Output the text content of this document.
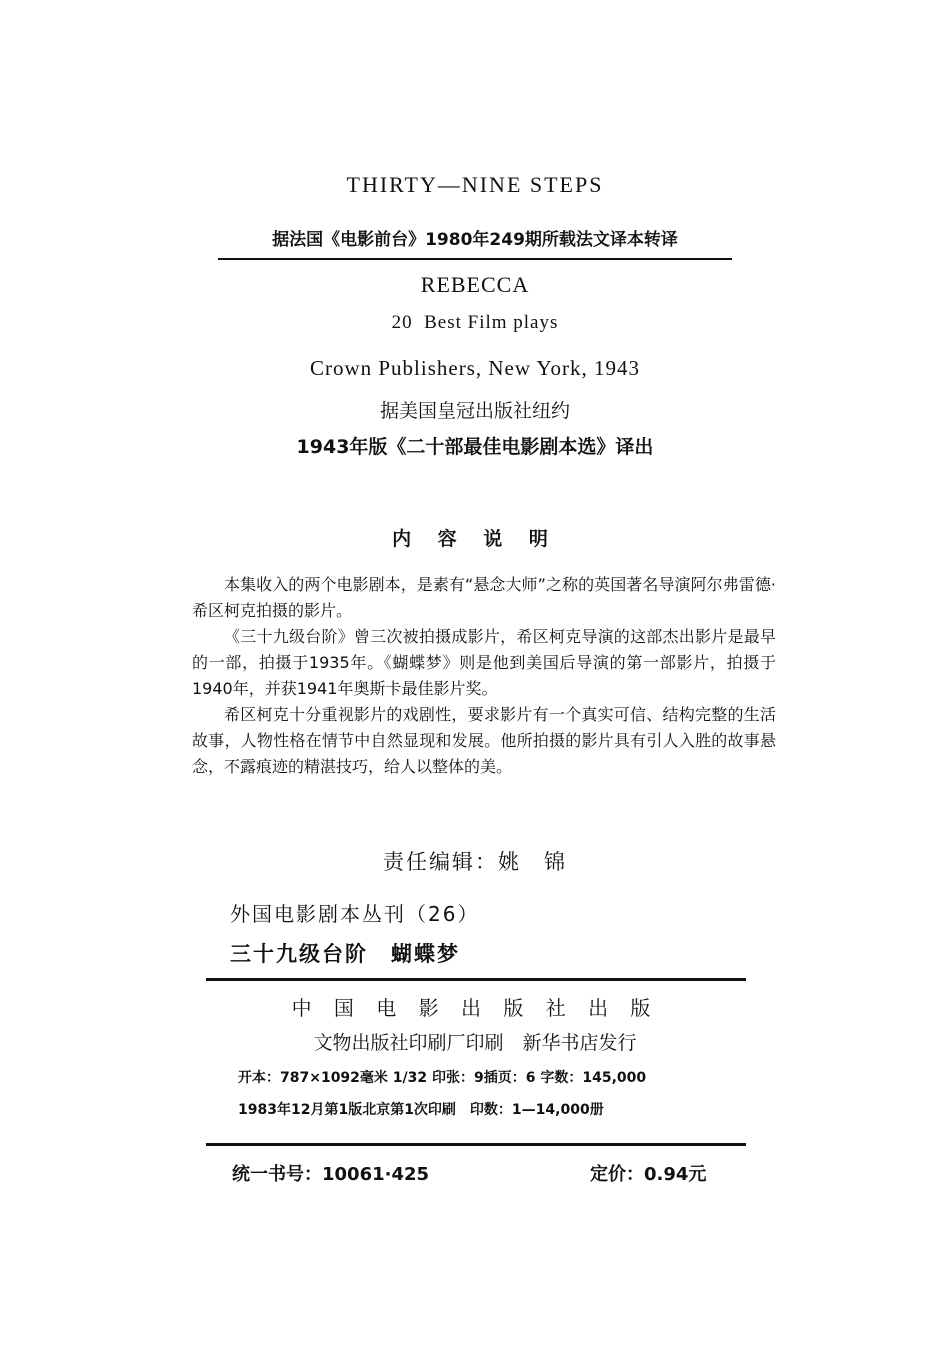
THIRTY—NINE STEPS
据法国《电影前台》1980年249期所载法文译本转译
REBECCA
20  Best Film plays
Crown Publishers, New York, 1943
据美国皇冠出版社纽约
1943年版《二十部最佳电影剧本选》译出
内 容 说 明

本集收入的两个电影剧本，是素有“悬念大师”之称的英国著名导演阿尔弗雷德·希区柯克拍摄的影片。

《三十九级台阶》曾三次被拍摄成影片，希区柯克导演的这部杰出影片是最早的一部，拍摄于1935年。《蝴蝶梦》则是他到美国后导演的第一部影片，拍摄于1940年，并获1941年奥斯卡最佳影片奖。

希区柯克十分重视影片的戏剧性，要求影片有一个真实可信、结构完整的生活故事，人物性格在情节中自然显现和发展。他所拍摄的影片具有引人入胜的故事悬念，不露痕迹的精湛技巧，给人以整体的美。

责任编辑：姚　锦
外国电影剧本丛刊（26）
三十九级台阶　蝴蝶梦
中 国 电 影 出 版 社 出 版
文物出版社印刷厂印刷　新华书店发行
开本：787×1092毫米 1/32 印张：9插页：6 字数：145,000
1983年12月第1版北京第1次印刷　印数：1—14,000册
统一书号：10061·425	定价：0.94元
